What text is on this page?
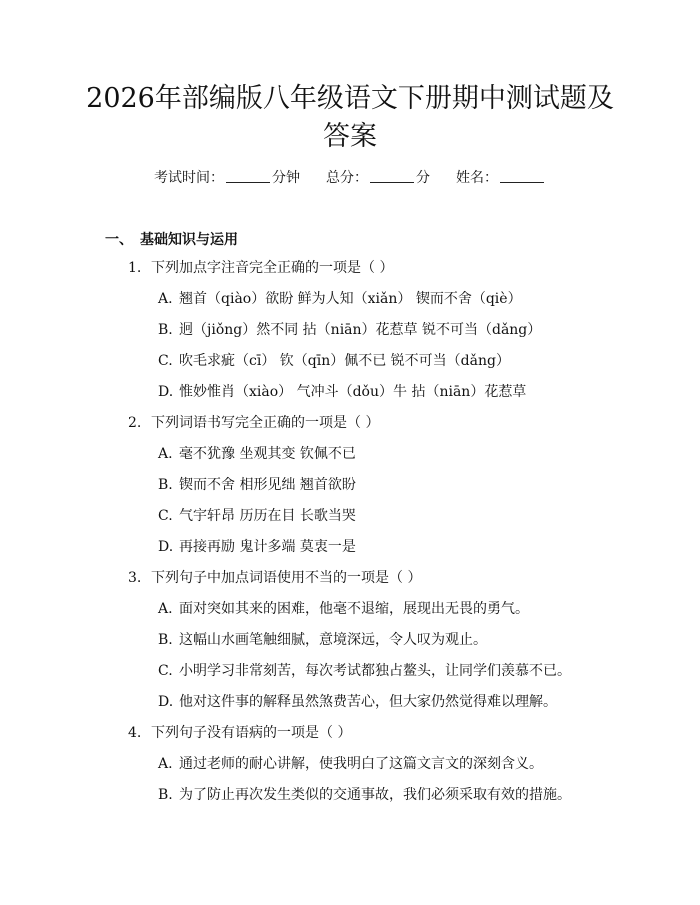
2026年部编版八年级语文下册期中测试题及答案
考试时间：	分钟 总分：	分 姓名：
一、 基础知识与运用
1. 下列加点字注音完全正确的一项是（ ）
A. 翘首（qiào）欲盼 鲜为人知（xiǎn） 锲而不舍（qiè）
B. 迥（jiǒng）然不同 拈（niān）花惹草 锐不可当（dǎng）
C. 吹毛求疵（cī） 钦（qīn）佩不已 锐不可当（dǎng）
D. 惟妙惟肖（xiào） 气冲斗（dǒu）牛 拈（niān）花惹草
2. 下列词语书写完全正确的一项是（ ）
A. 毫不犹豫 坐观其变 钦佩不已
B. 锲而不舍 相形见绌 翘首欲盼
C. 气宇轩昂 历历在目 长歌当哭
D. 再接再励 鬼计多端 莫衷一是
3. 下列句子中加点词语使用不当的一项是（ ）
A. 面对突如其来的困难，他毫不退缩，展现出无畏的勇气。
B. 这幅山水画笔触细腻，意境深远，令人叹为观止。
C. 小明学习非常刻苦，每次考试都独占鳌头，让同学们羡慕不已。
D. 他对这件事的解释虽然煞费苦心，但大家仍然觉得难以理解。
4. 下列句子没有语病的一项是（ ）
A. 通过老师的耐心讲解，使我明白了这篇文言文的深刻含义。
B. 为了防止再次发生类似的交通事故，我们必须采取有效的措施。
